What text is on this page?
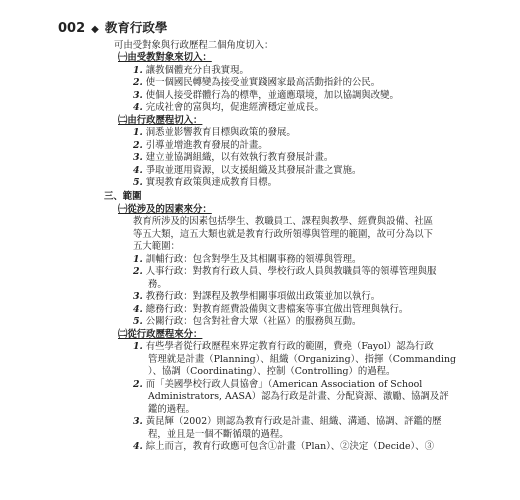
002 ◆ 教育行政學
可由受對象與行政歷程二個角度切入：
㈠由受教對象來切入：
1. 讓教個體充分自我實現。
2. 使一個國民轉變為接受並實踐國家最高活動指針的公民。
3. 使個人接受群體行為的標準，並適應環境，加以協調與改變。
4. 完成社會的富與均，促進經濟穩定並成長。
㈡由行政歷程切入：
1. 洞悉並影響教育目標與政策的發展。
2. 引導並增進教育發展的計畫。
3. 建立並協調組織，以有效執行教育發展計畫。
4. 爭取並運用資源，以支援組織及其發展計畫之實施。
5. 實現教育政策與達成教育目標。
三、範圍
㈠從涉及的因素來分：
教育所涉及的因素包括學生、教職員工、課程與教學、經費與設備、社區
等五大類，這五大類也就是教育行政所領導與管理的範圍，故可分為以下
五大範圍：
1. 訓輔行政：包含對學生及其相關事務的領導與管理。
2. 人事行政：對教育行政人員、學校行政人員與教職員等的領導管理與服
務。
3. 教務行政：對課程及教學相關事項做出政策並加以執行。
4. 總務行政：對教育經費設備與文書檔案等事宜做出管理與執行。
5. 公關行政：包含對社會大眾（社區）的服務與互動。
㈡從行政歷程來分：
1. 有些學者從行政歷程來界定教育行政的範圍，費堯（Fayol）認為行政
管理就是計畫（Planning）、組織（Organizing）、指揮（Commanding
）、協調（Coordinating）、控制（Controlling）的過程。
2. 而「美國學校行政人員協會」（American Association of School
Administrators, AASA）認為行政是計畫、分配資源、激勵、協調及評
鑑的過程。
3. 黃昆輝（2002）則認為教育行政是計畫、組織、溝通、協調、評鑑的歷
程，並且是一個不斷循環的過程。
4. 綜上而言，教育行政應可包含①計畫（Plan）、②決定（Decide）、③
